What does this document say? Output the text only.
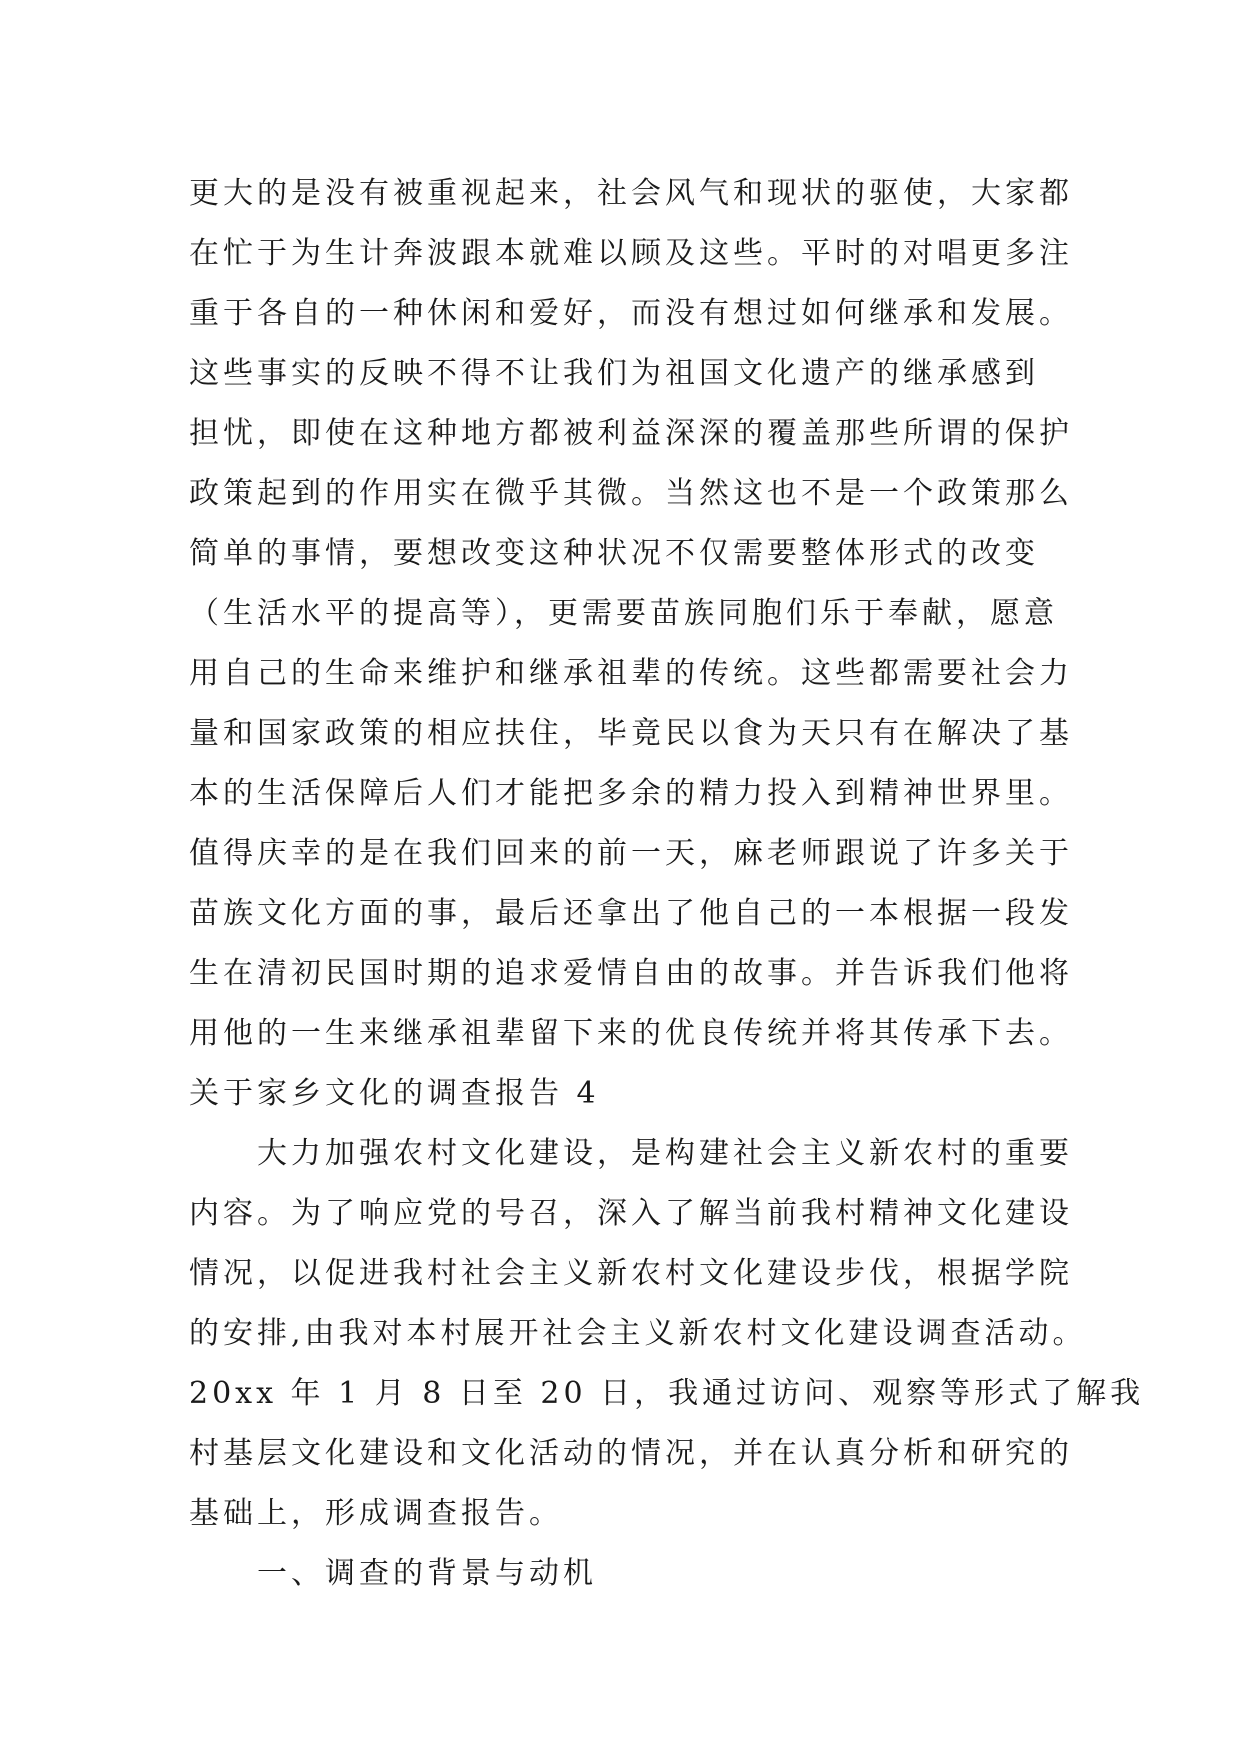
更大的是没有被重视起来，社会风气和现状的驱使，大家都
在忙于为生计奔波跟本就难以顾及这些。平时的对唱更多注
重于各自的一种休闲和爱好，而没有想过如何继承和发展。
这些事实的反映不得不让我们为祖国文化遗产的继承感到
担忧，即使在这种地方都被利益深深的覆盖那些所谓的保护
政策起到的作用实在微乎其微。当然这也不是一个政策那么
简单的事情，要想改变这种状况不仅需要整体形式的改变
（生活水平的提高等），更需要苗族同胞们乐于奉献，愿意
用自己的生命来维护和继承祖辈的传统。这些都需要社会力
量和国家政策的相应扶住，毕竟民以食为天只有在解决了基
本的生活保障后人们才能把多余的精力投入到精神世界里。
值得庆幸的是在我们回来的前一天，麻老师跟说了许多关于
苗族文化方面的事，最后还拿出了他自己的一本根据一段发
生在清初民国时期的追求爱情自由的故事。并告诉我们他将
用他的一生来继承祖辈留下来的优良传统并将其传承下去。
关于家乡文化的调查报告 4
大力加强农村文化建设，是构建社会主义新农村的重要
内容。为了响应党的号召，深入了解当前我村精神文化建设
情况，以促进我村社会主义新农村文化建设步伐，根据学院
的安排,由我对本村展开社会主义新农村文化建设调查活动。
20xx 年 1 月 8 日至 20 日，我通过访问、观察等形式了解我
村基层文化建设和文化活动的情况，并在认真分析和研究的
基础上，形成调查报告。
一、调查的背景与动机
